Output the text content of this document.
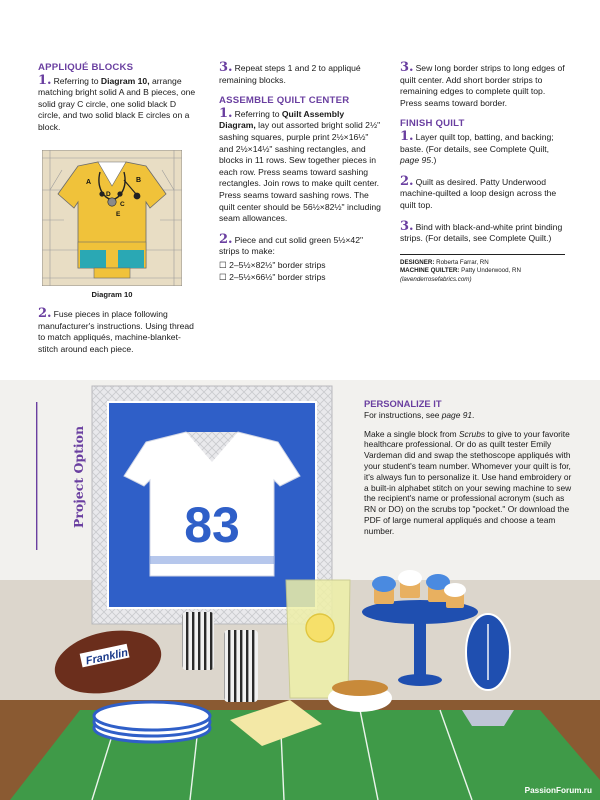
APPLIQUÉ BLOCKS
1. Referring to Diagram 10, arrange matching bright solid A and B pieces, one solid gray C circle, one solid black D circle, and two solid black E circles on a block.
A	B
D
C
E
Diagram 10
2. Fuse pieces in place following manufacturer's instructions. Using thread to match appliqués, machine-blanket-stitch around each piece.
3. Repeat steps 1 and 2 to appliqué remaining blocks.
ASSEMBLE QUILT CENTER
1. Referring to Quilt Assembly Diagram, lay out assorted bright solid 2½" sashing squares, purple print 2½×16½" and 2½×14½" sashing rectangles, and blocks in 11 rows. Sew together pieces in each row. Press seams toward sashing rectangles. Join rows to make quilt center. Press seams toward sashing rows. The quilt center should be 56½×82½" including seam allowances.
2. Piece and cut solid green 5½×42" strips to make:
☐ 2–5½×82½" border strips
☐ 2–5½×66½" border strips
3. Sew long border strips to long edges of quilt center. Add short border strips to remaining edges to complete quilt top. Press seams toward border.
FINISH QUILT
1. Layer quilt top, batting, and backing; baste. (For details, see Complete Quilt, page 95.)
2. Quilt as desired. Patty Underwood machine-quilted a loop design across the quilt top.
3. Bind with black-and-white print binding strips. (For details, see Complete Quilt.)
DESIGNER: Roberta Farrar, RN
MACHINE QUILTER: Patty Underwood, RN
(lavenderrosefabrics.com)
83
Franklin
Project Option
PERSONALIZE IT

For instructions, see page 91.

Make a single block from Scrubs to give to your favorite healthcare professional. Or do as quilt tester Emily Vardeman did and swap the stethoscope appliqués with your student's team number. Whomever your quilt is for, it's always fun to personalize it. Use hand embroidery or a built-in alphabet stitch on your sewing machine to sew the recipient's name or professional acronym (such as RN or DO) on the scrubs top "pocket." Or download the PDF of large numeral appliqués and choose a team number.

PassionForum.ru
